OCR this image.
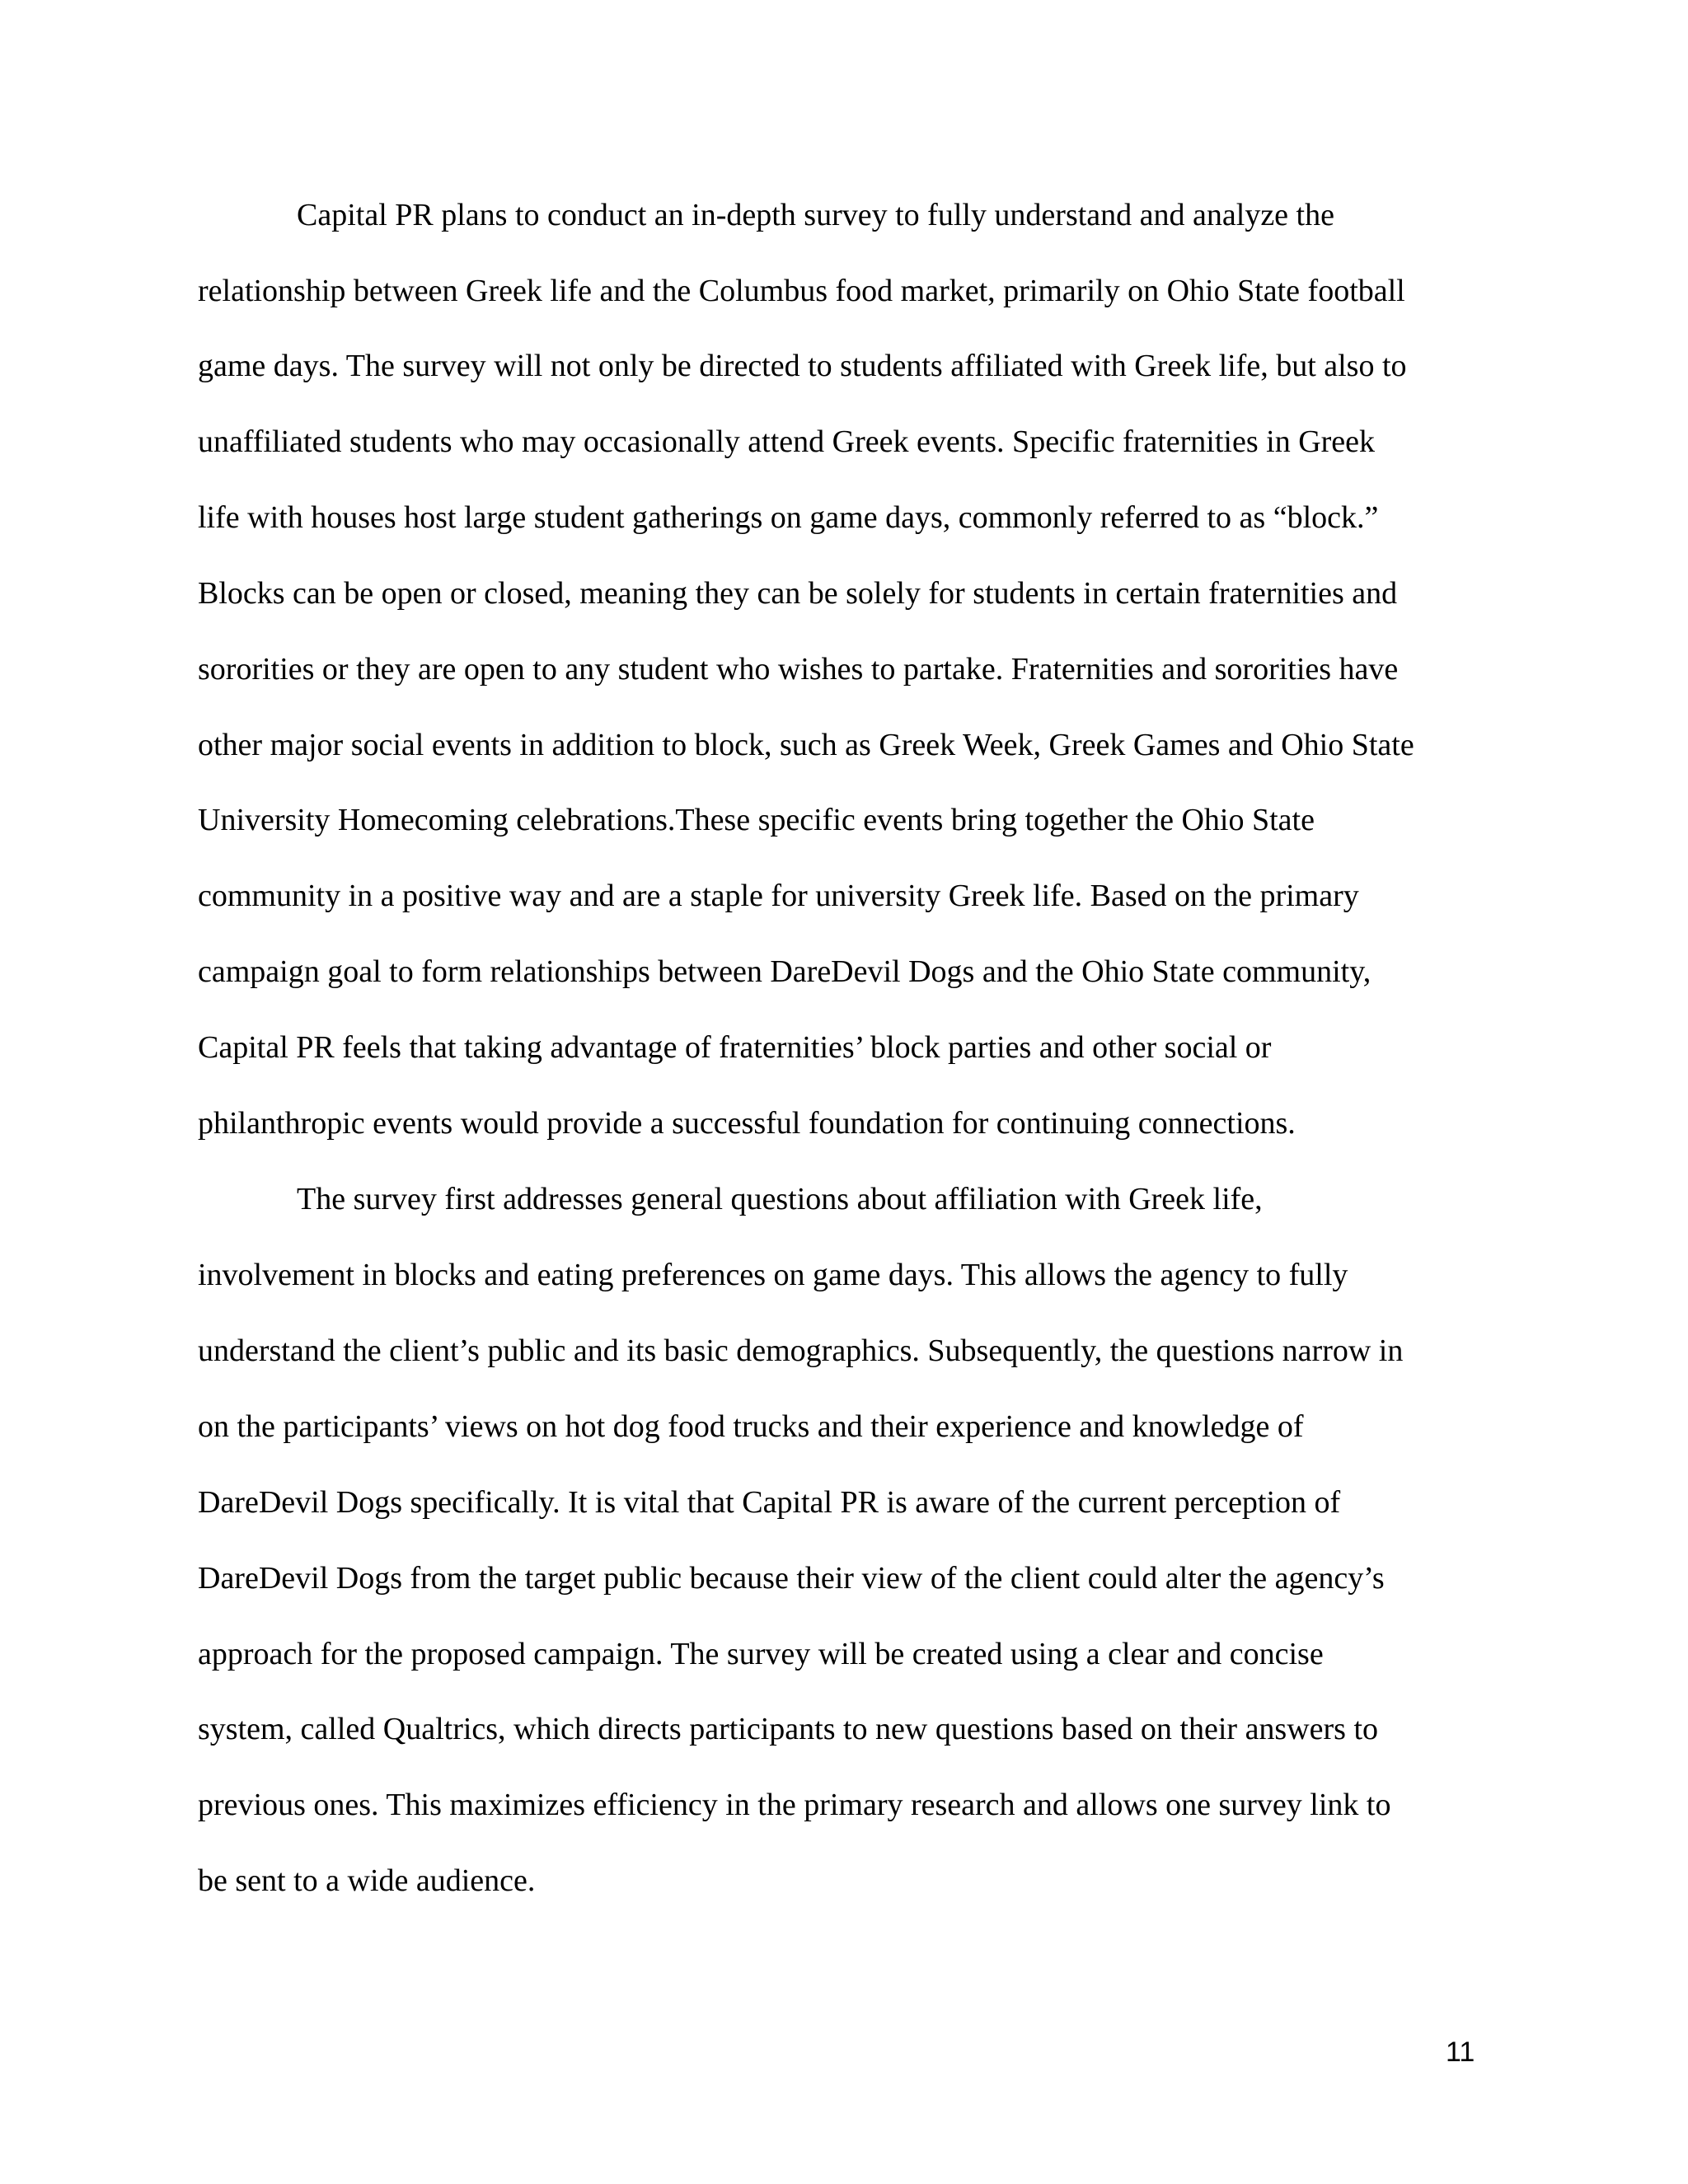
Capital PR plans to conduct an in-depth survey to fully understand and analyze the
relationship between Greek life and the Columbus food market, primarily on Ohio State football
game days. The survey will not only be directed to students affiliated with Greek life, but also to
unaffiliated students who may occasionally attend Greek events. Specific fraternities in Greek
life with houses host large student gatherings on game days, commonly referred to as “block.”
Blocks can be open or closed, meaning they can be solely for students in certain fraternities and
sororities or they are open to any student who wishes to partake. Fraternities and sororities have
other major social events in addition to block, such as Greek Week, Greek Games and Ohio State
University Homecoming celebrations.These specific events bring together the Ohio State
community in a positive way and are a staple for university Greek life. Based on the primary
campaign goal to form relationships between DareDevil Dogs and the Ohio State community,
Capital PR feels that taking advantage of fraternities’ block parties and other social or
philanthropic events would provide a successful foundation for continuing connections.
The survey first addresses general questions about affiliation with Greek life,
involvement in blocks and eating preferences on game days. This allows the agency to fully
understand the client’s public and its basic demographics. Subsequently, the questions narrow in
on the participants’ views on hot dog food trucks and their experience and knowledge of
DareDevil Dogs specifically. It is vital that Capital PR is aware of the current perception of
DareDevil Dogs from the target public because their view of the client could alter the agency’s
approach for the proposed campaign. The survey will be created using a clear and concise
system, called Qualtrics, which directs participants to new questions based on their answers to
previous ones. This maximizes efficiency in the primary research and allows one survey link to
be sent to a wide audience.
11
